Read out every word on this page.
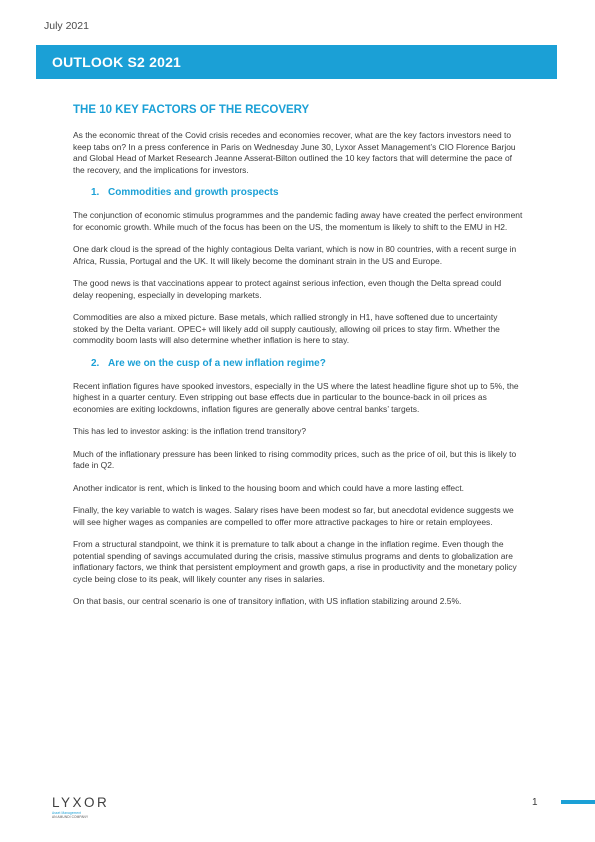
July 2021
OUTLOOK S2 2021
THE 10 KEY FACTORS OF THE RECOVERY

As the economic threat of the Covid crisis recedes and economies recover, what are the key factors investors need to keep tabs on? In a press conference in Paris on Wednesday June 30, Lyxor Asset Management’s CIO Florence Barjou and Global Head of Market Research Jeanne Asserat-Bilton outlined the 10 key factors that will determine the pace of the recovery, and the implications for investors.

1. Commodities and growth prospects

The conjunction of economic stimulus programmes and the pandemic fading away have created the perfect environment for economic growth. While much of the focus has been on the US, the momentum is likely to shift to the EMU in H2.

One dark cloud is the spread of the highly contagious Delta variant, which is now in 80 countries, with a recent surge in Africa, Russia, Portugal and the UK. It will likely become the dominant strain in the US and Europe.

The good news is that vaccinations appear to protect against serious infection, even though the Delta spread could delay reopening, especially in developing markets.

Commodities are also a mixed picture. Base metals, which rallied strongly in H1, have softened due to uncertainty stoked by the Delta variant. OPEC+ will likely add oil supply cautiously, allowing oil prices to stay firm. Whether the commodity boom lasts will also determine whether inflation is here to stay.

2. Are we on the cusp of a new inflation regime?

Recent inflation figures have spooked investors, especially in the US where the latest headline figure shot up to 5%, the highest in a quarter century. Even stripping out base effects due in particular to the bounce-back in oil prices as economies are exiting lockdowns, inflation figures are generally above central banks’ targets.

This has led to investor asking: is the inflation trend transitory?

Much of the inflationary pressure has been linked to rising commodity prices, such as the price of oil, but this is likely to fade in Q2.

Another indicator is rent, which is linked to the housing boom and which could have a more lasting effect.

Finally, the key variable to watch is wages. Salary rises have been modest so far, but anecdotal evidence suggests we will see higher wages as companies are compelled to offer more attractive packages to hire or retain employees.

From a structural standpoint, we think it is premature to talk about a change in the inflation regime. Even though the potential spending of savings accumulated during the crisis, massive stimulus programs and dents to globalization are inflationary factors, we think that persistent employment and growth gaps, a rise in productivity and the monetary policy cycle being close to its peak, will likely counter any rises in salaries.

On that basis, our central scenario is one of transitory inflation, with US inflation stabilizing around 2.5%.

LYXOR
Asset Management
AN AMUNDI COMPANY
1
